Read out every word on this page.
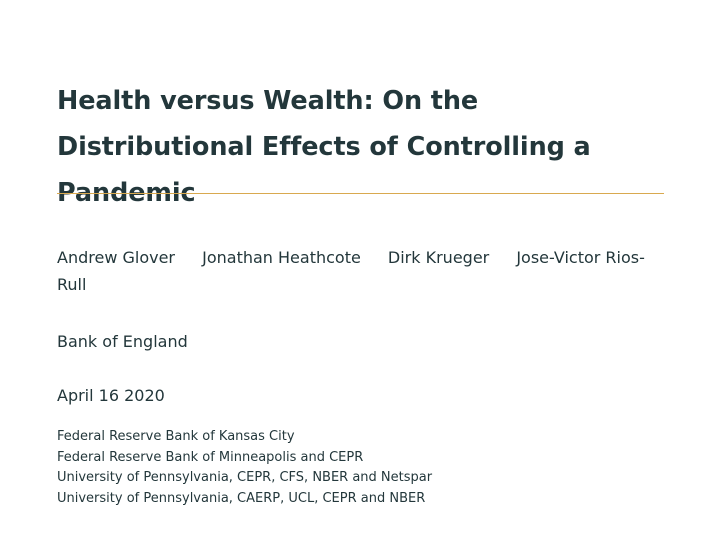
Health versus Wealth: On the Distributional Effects of Controlling a Pandemic
Andrew Glover Jonathan Heathcote Dirk Krueger Jose-Victor Rios-Rull
Bank of England
April 16 2020
Federal Reserve Bank of Kansas City
Federal Reserve Bank of Minneapolis and CEPR
University of Pennsylvania, CEPR, CFS, NBER and Netspar
University of Pennsylvania, CAERP, UCL, CEPR and NBER
